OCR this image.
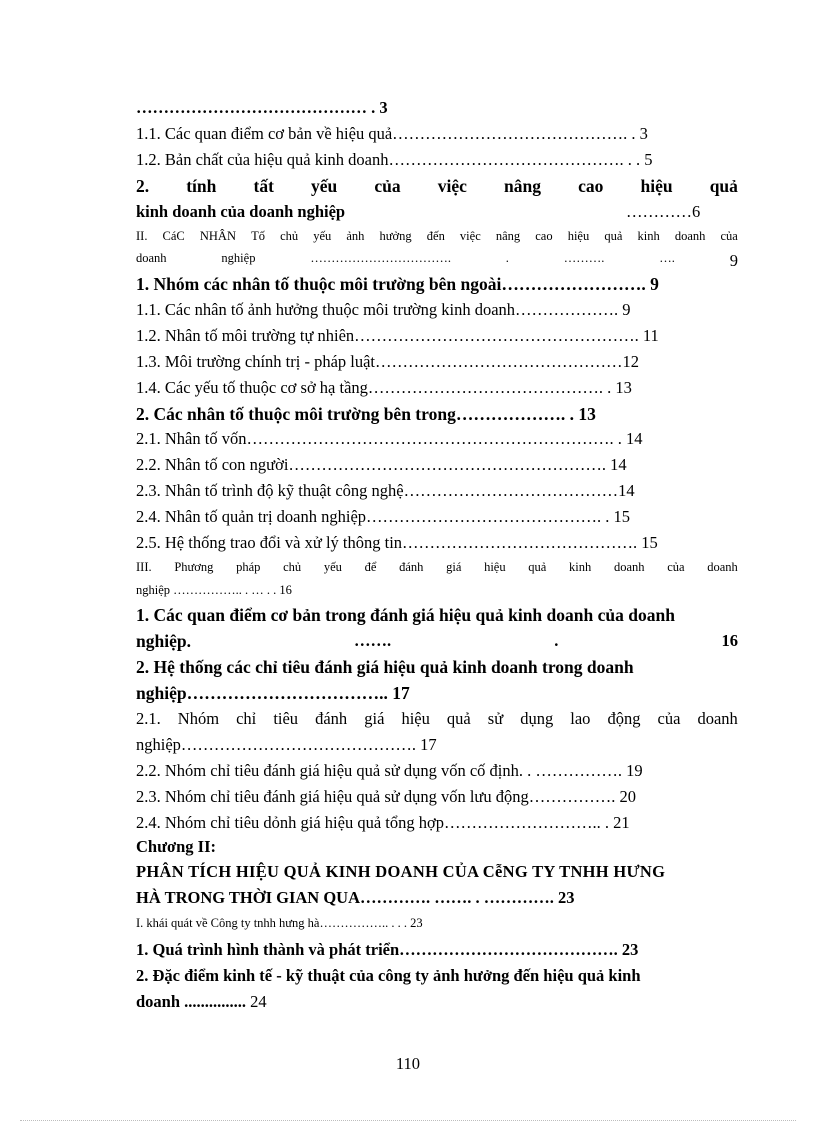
…………………………………… . 3
1.1. Các quan điểm cơ bản về hiệu quả……………………………………. . 3
1.2. Bản chất của hiệu quả kinh doanh……………………………………. . . 5
2. tính tất yếu của việc nâng cao hiệu quả
kinh doanh của doanh nghiệp	…………6
II. CáC NHÂN Tố chủ yếu ảnh hưởng đến việc nâng cao hiệu quả kinh doanh của
doanh	nghiệp	…………………………….	.	……….	….	9
1. Nhóm các nhân tố thuộc môi trường bên ngoài……………………. 9
1.1. Các nhân tố ảnh hưởng thuộc môi trường kinh doanh………………. 9
1.2. Nhân tố môi trường tự nhiên……………………………………………. 11
1.3. Môi trường chính trị - pháp luật………………………………………12
1.4. Các yếu tố thuộc cơ sở hạ tầng……………………………………. . 13
2. Các nhân tố thuộc môi trường bên trong………………. . 13
2.1. Nhân tố vốn…………………………………………………………. . 14
2.2. Nhân tố con người…………………………………………………. 14
2.3. Nhân tố trình độ kỹ thuật công nghệ…………………………………14
2.4. Nhân tố quản trị doanh nghiệp……………………………………. . 15
2.5. Hệ thống trao đổi và xử lý thông tin……………………………………. 15
III. Phương pháp chủ yếu để đánh giá hiệu quả kinh doanh của doanh
nghiệp …………….. . … . . 16
1. Các quan điểm cơ bản trong đánh giá hiệu quả kinh doanh của doanh
nghiệp.	…….	.	16
2. Hệ thống các chỉ tiêu đánh giá hiệu quả kinh doanh trong doanh
nghiệp…………………………….. 17
2.1. Nhóm chỉ tiêu đánh giá hiệu quả sử dụng lao động của doanh
nghiệp……………………………………. 17
2.2. Nhóm chỉ tiêu đánh giá hiệu quả sử dụng vốn cố định. . ……………. 19
2.3. Nhóm chỉ tiêu đánh giá hiệu quả sử dụng vốn lưu động……………. 20
2.4. Nhóm chỉ tiêu dỏnh giá hiệu quả tổng hợp……………………….. . 21
Chương II:
PHÂN TÍCH HIỆU QUẢ KINH DOANH CỦA CễNG TY TNHH HƯNG
HÀ TRONG THỜI GIAN QUA…………. ……. . …………. 23
I. khái quát về Công ty tnhh hưng hà…………….. . . . 23
1. Quá trình hình thành và phát triển…………………………………. 23
2. Đặc điểm kinh tế - kỹ thuật của công ty ảnh hưởng đến hiệu quả kinh
doanh ............... 24
110
